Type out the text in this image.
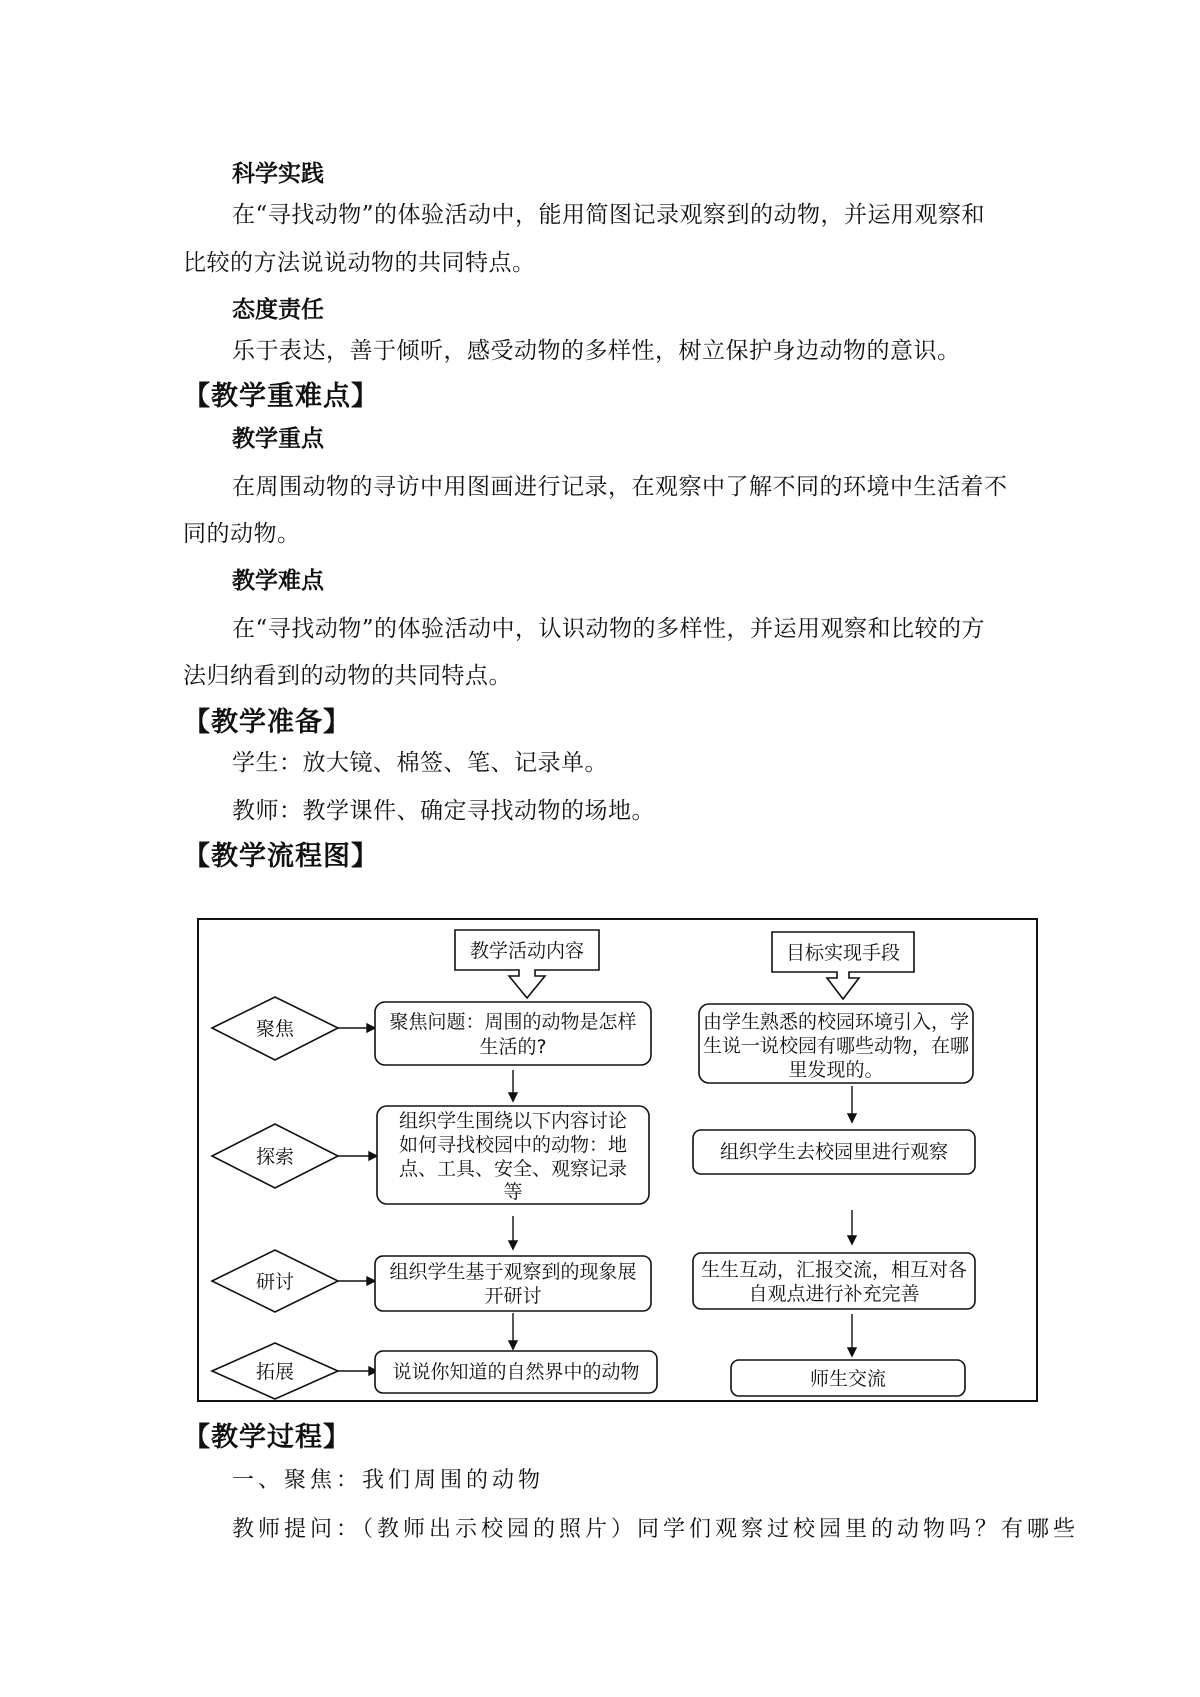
科学实践
在“寻找动物”的体验活动中，能用简图记录观察到的动物，并运用观察和
比较的方法说说动物的共同特点。
态度责任
乐于表达，善于倾听，感受动物的多样性，树立保护身边动物的意识。
【教学重难点】
教学重点
在周围动物的寻访中用图画进行记录，在观察中了解不同的环境中生活着不
同的动物。
教学难点
在“寻找动物”的体验活动中，认识动物的多样性，并运用观察和比较的方
法归纳看到的动物的共同特点。
【教学准备】
学生：放大镜、棉签、笔、记录单。
教师：教学课件、确定寻找动物的场地。
【教学流程图】
教学活动内容	目标实现手段
聚焦
探索
研讨
拓展
聚焦问题：周围的动物是怎样
生活的?
组织学生围绕以下内容讨论
如何寻找校园中的动物：地
点、工具、安全、观察记录
等
组织学生基于观察到的现象展
开研讨
说说你知道的自然界中的动物
由学生熟悉的校园环境引入，学
生说一说校园有哪些动物，在哪
里发现的。
组织学生去校园里进行观察
生生互动，汇报交流，相互对各
自观点进行补充完善
师生交流
【教学过程】
一、聚焦：我们周围的动物
教师提问：（教师出示校园的照片）同学们观察过校园里的动物吗？有哪些
